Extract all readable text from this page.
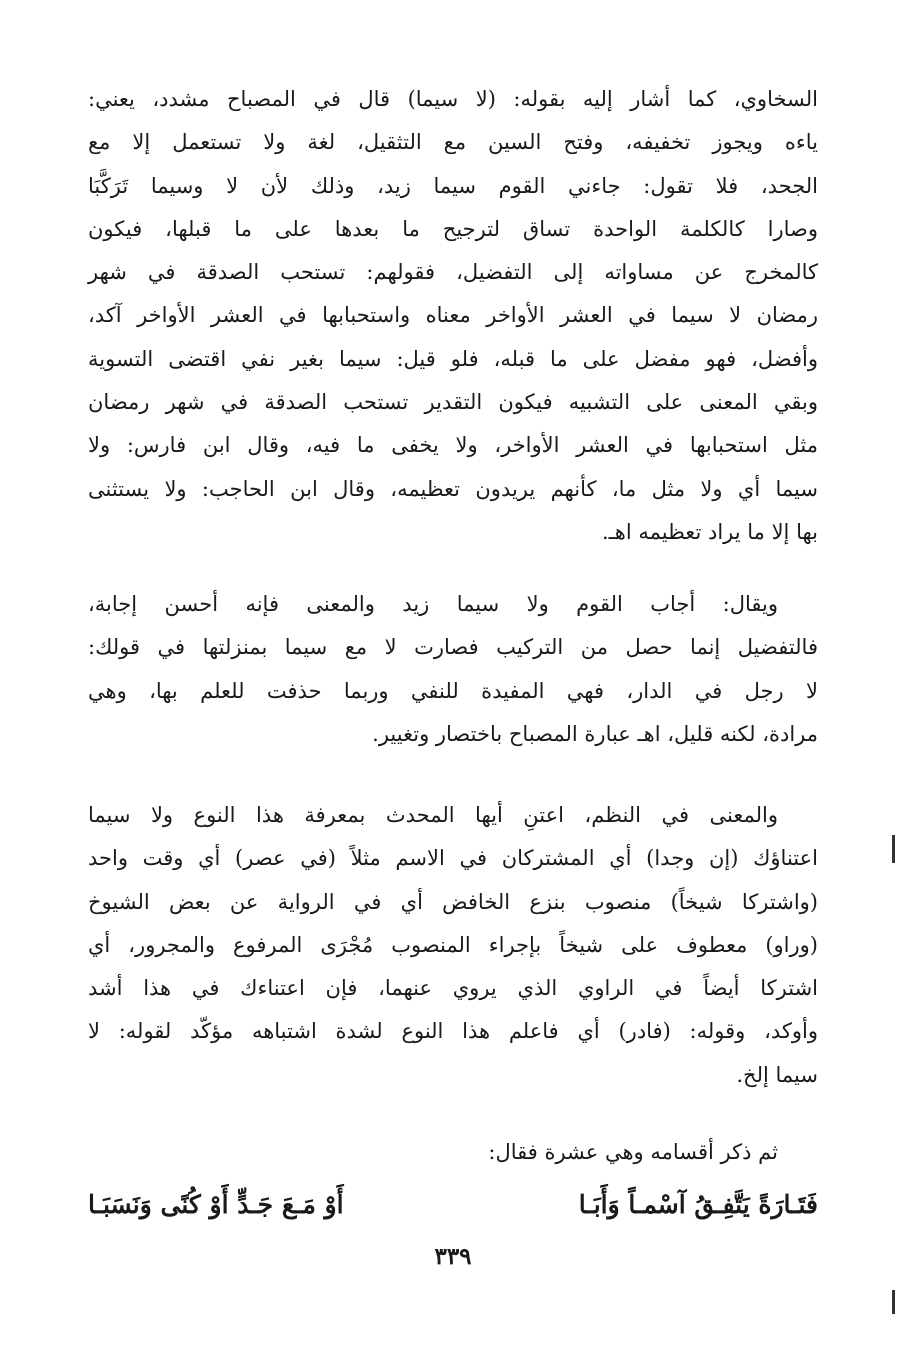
السخاوي، كما أشار إليه بقوله: (لا سيما) قال في المصباح مشدد، يعني:
ياءه ويجوز تخفيفه، وفتح السين مع التثقيل، لغة ولا تستعمل إلا مع
الجحد، فلا تقول: جاءني القوم سيما زيد، وذلك لأن لا وسيما تَرَكَّبَا
وصارا كالكلمة الواحدة تساق لترجيح ما بعدها على ما قبلها، فيكون
كالمخرج عن مساواته إلى التفضيل، فقولهم: تستحب الصدقة في شهر
رمضان لا سيما في العشر الأواخر معناه واستحبابها في العشر الأواخر آكد،
وأفضل، فهو مفضل على ما قبله، فلو قيل: سيما بغير نفي اقتضى التسوية
وبقي المعنى على التشبيه فيكون التقدير تستحب الصدقة في شهر رمضان
مثل استحبابها في العشر الأواخر، ولا يخفى ما فيه، وقال ابن فارس: ولا
سيما أي ولا مثل ما، كأنهم يريدون تعظيمه، وقال ابن الحاجب: ولا يستثنى
بها إلا ما يراد تعظيمه اهـ.
ويقال: أجاب القوم ولا سيما زيد والمعنى فإنه أحسن إجابة،
فالتفضيل إنما حصل من التركيب فصارت لا مع سيما بمنزلتها في قولك:
لا رجل في الدار، فهي المفيدة للنفي وربما حذفت للعلم بها، وهي
مرادة، لكنه قليل، اهـ عبارة المصباح باختصار وتغيير.
والمعنى في النظم، اعتنِ أيها المحدث بمعرفة هذا النوع ولا سيما
اعتناؤك (إن وجدا) أي المشتركان في الاسم مثلاً (في عصر) أي وقت واحد
(واشتركا شيخاً) منصوب بنزع الخافض أي في الرواية عن بعض الشيوخ
(وراو) معطوف على شيخاً بإجراء المنصوب مُجْرَى المرفوع والمجرور، أي
اشتركا أيضاً في الراوي الذي يروي عنهما، فإن اعتناءك في هذا أشد
وأوكد، وقوله: (فادر) أي فاعلم هذا النوع لشدة اشتباهه مؤكّد لقوله: لا
سيما إلخ.
ثم ذكر أقسامه وهي عشرة فقال:
فَتَـارَةً يَتَّفِـقُ آسْمـاً وَأَبَـا
أَوْ مَـعَ جَـدٍّ أَوْ كُنًى وَنَسَبَـا
٣٣٩
